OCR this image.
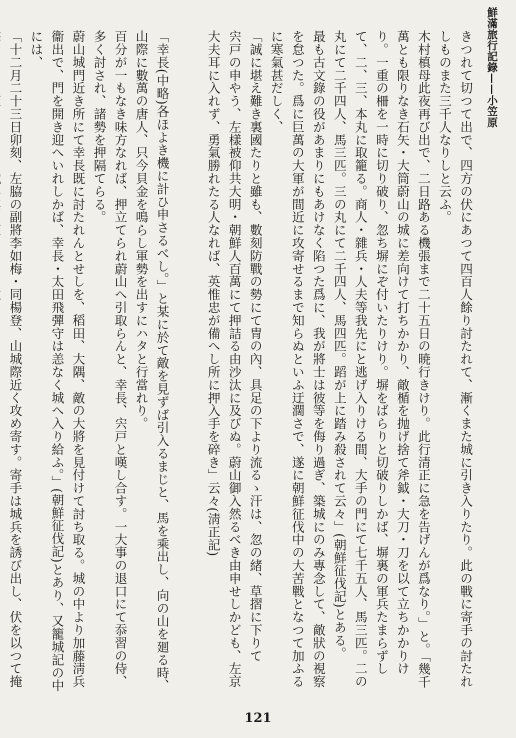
鮮滿旅行記錄——小笠原

きつれて切つて出で、四方の伏にあつて四百人餘り討たれて、漸くまた城に引き入りたり。此の戰に寄手の討たれしものまた三千人なりしと云ふ。

木村槙母此夜再び出で、二日路ある機張まで二十五日の暁行きけり。此行清正に急を告げんが爲なり。」と。「幾千萬とも限りなき石矢・大筒蔚山の城に差向けて打ちかかり、敵楯を抛げ捨て斧鉞・大刀・刀を以て立ちかかりけり。一重の柵を一時に切り破り、忽ち塀にぞ付いたりけり。塀をばらりと切破りしかば、塀裏の軍兵たまらずして、二、三、本丸に取籠る。商人・雜兵・人夫等我先にと逃げ入りける間、大手の門にて七千五人、馬三匹。二の丸にて二千四人、馬三匹。三の丸にて二千四人、馬四匹。蹈が上に踏み殺されて云々」(朝鮮征伐記)とある。

最も古文錄の役があまりにもあけなく陷つた爲に、我が將士は彼等を侮り過ぎ、築城にのみ專念して、敵狀の視察を怠つた。爲に巨萬の大軍が間近に攻寄せるまで知らぬといふ迂濶さで、遂に朝鮮征伐中の大苦戰となつて加ふるに寒氣甚だしく、

「誠に堪え難き裏國たりと雖も、數刻防戰の勢にて冑の內、具足の下より流るゝ汗は、忽の緒、草摺に下りて

宍戸の申やう、左樣被仰共大明・朝鮮人百萬にて押詰る由沙汰に及びぬ。蔚山御入然るべき由申せしかども、左京大夫耳に入れず、勇氣勝れたる人なれば、英惟忠が備へし所に押入手を碎き」云々(淸正記)

「幸長(中略)各ほよき機に計ひ申さるべし。」と某に於て敵を見ずば引入るまじと、馬を乘出し、向の山を廻る時、山際に數萬の唐人、只今貝金を鳴らし軍勢を出すにハタと行當れり。

百分が一もなき味方なれば、押立てられ蔚山へ引取らんと、幸長、宍戸と嘆し合す。一大事の退口にて忝習の侍、多く討され、諸勢を押隔てらる。

蔚山城門近き所にて幸長既に討たれんとせしを、稻田、大隅、敵の大將を見付けて討ち取る。城の中より加藤淸兵衞出で、門を開き迎へいれしかば、幸長・太田飛彈守は恙なく城へ入り給ふ。」(朝鮮征伐記)とあり、又籠城記の中には、

「十二月二十三日卯刻、左脇の副將李如梅・同楊登、山城際近く攻め寄す。寄手は城兵を誘び出し、伏を以つて掩

121
